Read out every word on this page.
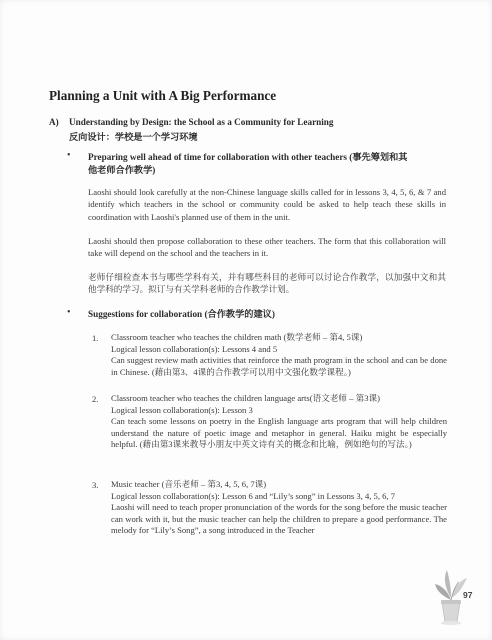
Planning a Unit with A Big Performance
A) Understanding by Design: the School as a Community for Learning
反向设计：学校是一个学习环境
• Preparing well ahead of time for collaboration with other teachers (事先筹划和其
他老师合作教学)
Laoshi should look carefully at the non-Chinese language skills called for in lessons 3, 4, 5, 6, & 7 and identify which teachers in the school or community could be asked to help teach these skills in coordination with Laoshi's planned use of them in the unit.
Laoshi should then propose collaboration to these other teachers. The form that this collaboration will take will depend on the school and the teachers in it.
老师仔细检查本书与哪些学科有关，并有哪些科目的老师可以讨论合作教学，以加强中文和其他学科的学习。拟订与有关学科老师的合作教学计划。
• Suggestions for collaboration (合作教学的建议)
1. Classroom teacher who teaches the children math (数学老师 – 第4, 5课)
Logical lesson collaboration(s): Lessons 4 and 5
Can suggest review math activities that reinforce the math program in the school and can be done in Chinese. (藉由第3、4课的合作教学可以用中文强化数学课程。)
2. Classroom teacher who teaches the children language arts(语文老师 – 第3课)
Logical lesson collaboration(s): Lesson 3
Can teach some lessons on poetry in the English language arts program that will help children understand the nature of poetic image and metaphor in general. Haiku might be especially helpful. (藉由第3课来教导小朋友中英文诗有关的概念和比喻，例如绝句的写法。)
3. Music teacher (音乐老师 – 第3, 4, 5, 6, 7课)
Logical lesson collaboration(s): Lesson 6 and “Lily’s song” in Lessons 3, 4, 5, 6, 7
Laoshi will need to teach proper pronunciation of the words for the song before the music teacher can work with it, but the music teacher can help the children to prepare a good performance. The melody for “Lily’s Song”, a song introduced in the Teacher
97
